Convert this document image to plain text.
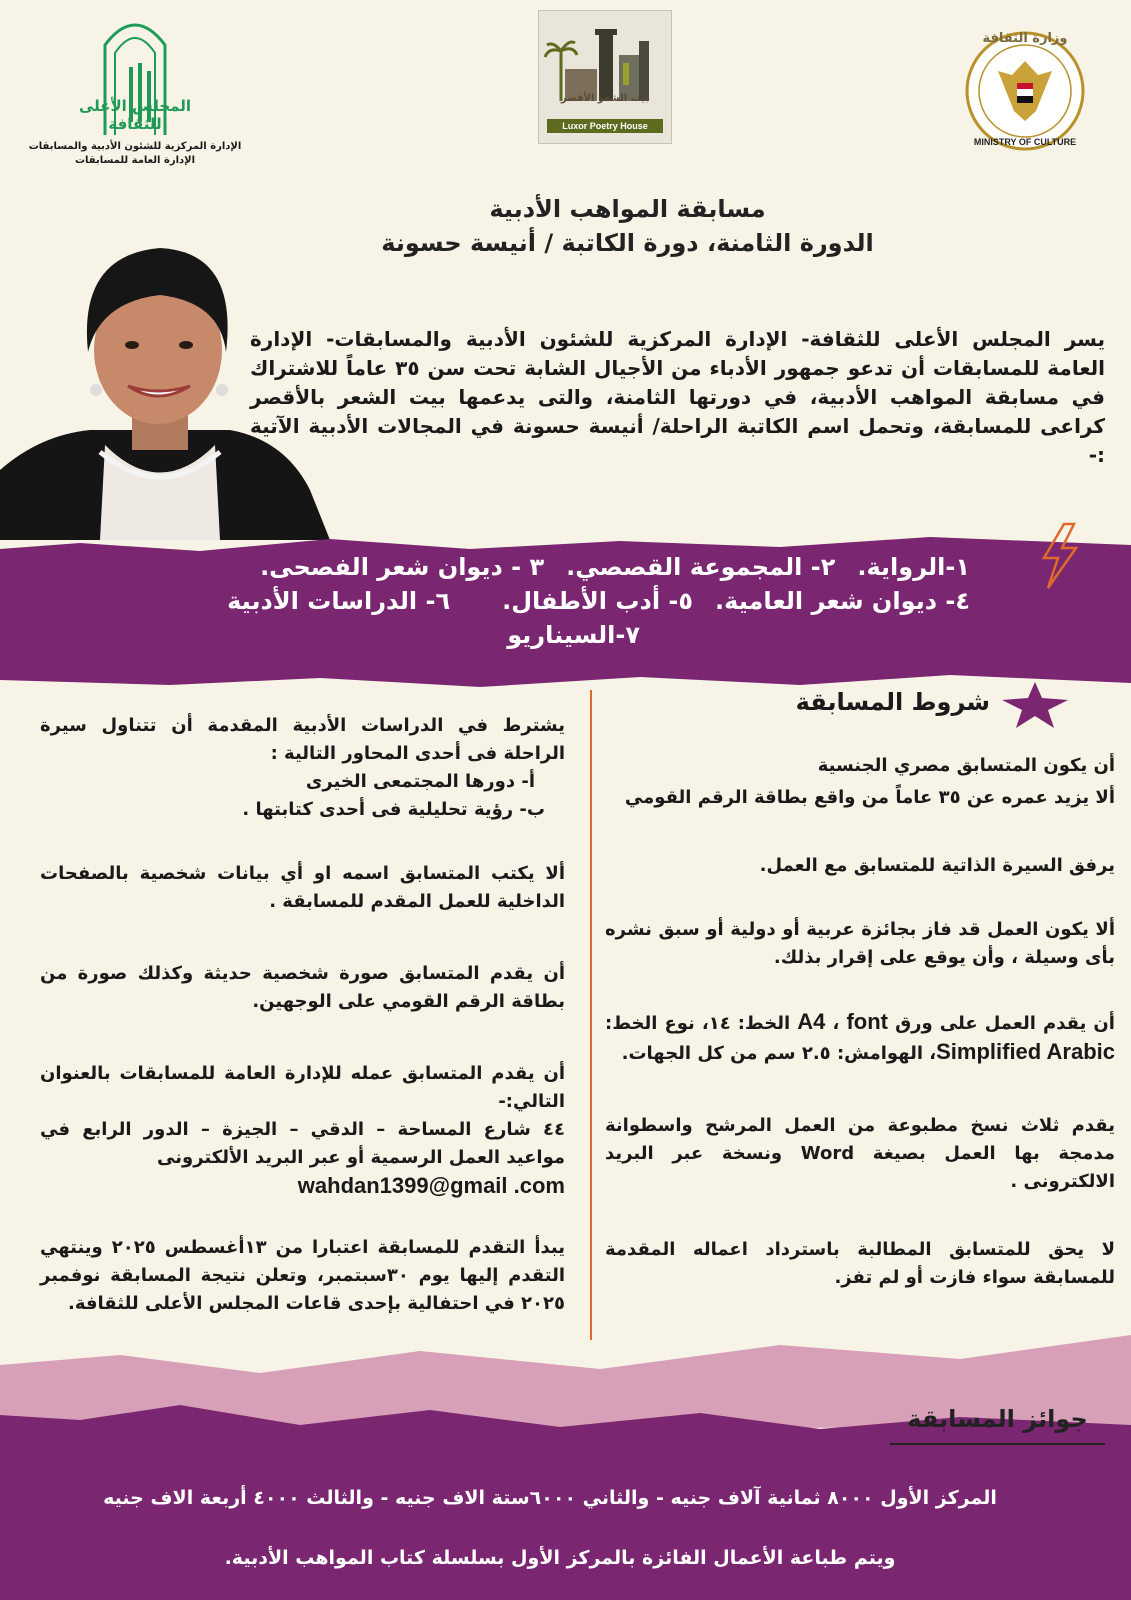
المجلس الأعلى للثقافة
الإدارة المركزية للشئون الأدبية والمسابقات
الإدارة العامة للمسابقات
بيت الشعر الأقصر
Luxor Poetry House
وزارة الثقافة
MINISTRY OF CULTURE
مسابقة المواهب الأدبية
الدورة الثامنة، دورة الكاتبة / أنيسة حسونة
يسر المجلس الأعلى للثقافة- الإدارة المركزية للشئون الأدبية والمسابقات- الإدارة العامة للمسابقات أن تدعو جمهور الأدباء من الأجيال الشابة تحت سن ٣٥ عاماً للاشتراك في مسابقة المواهب الأدبية، في دورتها الثامنة، والتى يدعمها بيت الشعر بالأقصر كراعى للمسابقة، وتحمل اسم الكاتبة الراحلة/ أنيسة حسونة في المجالات الأدبية الآتية :-
١-الرواية.
٢- المجموعة القصصي.
٣ - ديوان شعر الفصحى.
٤- ديوان شعر العامية.
٥- أدب الأطفال.
٦- الدراسات الأدبية
٧-السيناريو
شروط المسابقة
أن يكون المتسابق مصري الجنسية
ألا يزيد عمره عن ٣٥ عاماً من واقع بطاقة الرقم القومي
يرفق السيرة الذاتية للمتسابق مع العمل.
ألا يكون العمل قد فاز بجائزة عربية أو دولية أو سبق نشره بأى وسيلة ، وأن يوقع على إقرار بذلك.
أن يقدم العمل على ورق A4 ، font الخط: ١٤، نوع الخط: Simplified Arabic، الهوامش: ٢.٥ سم من كل الجهات.
يقدم ثلاث نسخ مطبوعة من العمل المرشح واسطوانة مدمجة بها العمل بصيغة Word ونسخة عبر البريد الالكترونى .
لا يحق للمتسابق المطالبة باسترداد اعماله المقدمة للمسابقة سواء فازت أو لم تفز.

يشترط في الدراسات الأدبية المقدمة أن تتناول سيرة الراحلة فى أحدى المحاور التالية :

أ- دورها المجتمعى الخيرى

ب- رؤية تحليلية فى أحدى كتابتها .

ألا يكتب المتسابق اسمه او أي بيانات شخصية بالصفحات الداخلية للعمل المقدم للمسابقة .
أن يقدم المتسابق صورة شخصية حديثة وكذلك صورة من بطاقة الرقم القومي على الوجهين.

أن يقدم المتسابق عمله للإدارة العامة للمسابقات بالعنوان التالي:-

٤٤ شارع المساحة – الدقي – الجيزة – الدور الرابع في مواعيد العمل الرسمية أو عبر البريد الألكترونى

wahdan1399@gmail .com

يبدأ التقدم للمسابقة اعتبارا من ١٣أغسطس ٢٠٢٥ وينتهي التقدم إليها يوم ٣٠سبتمبر، وتعلن نتيجة المسابقة نوفمبر ٢٠٢٥ في احتفالية بإحدى قاعات المجلس الأعلى للثقافة.
جوائز المسابقة
المركز الأول ٨٠٠٠ ثمانية آلاف جنيه - والثاني ٦٠٠٠ستة الاف جنيه - والثالث ٤٠٠٠ أربعة الاف جنيه
ويتم طباعة الأعمال الفائزة بالمركز الأول بسلسلة كتاب المواهب الأدبية.
